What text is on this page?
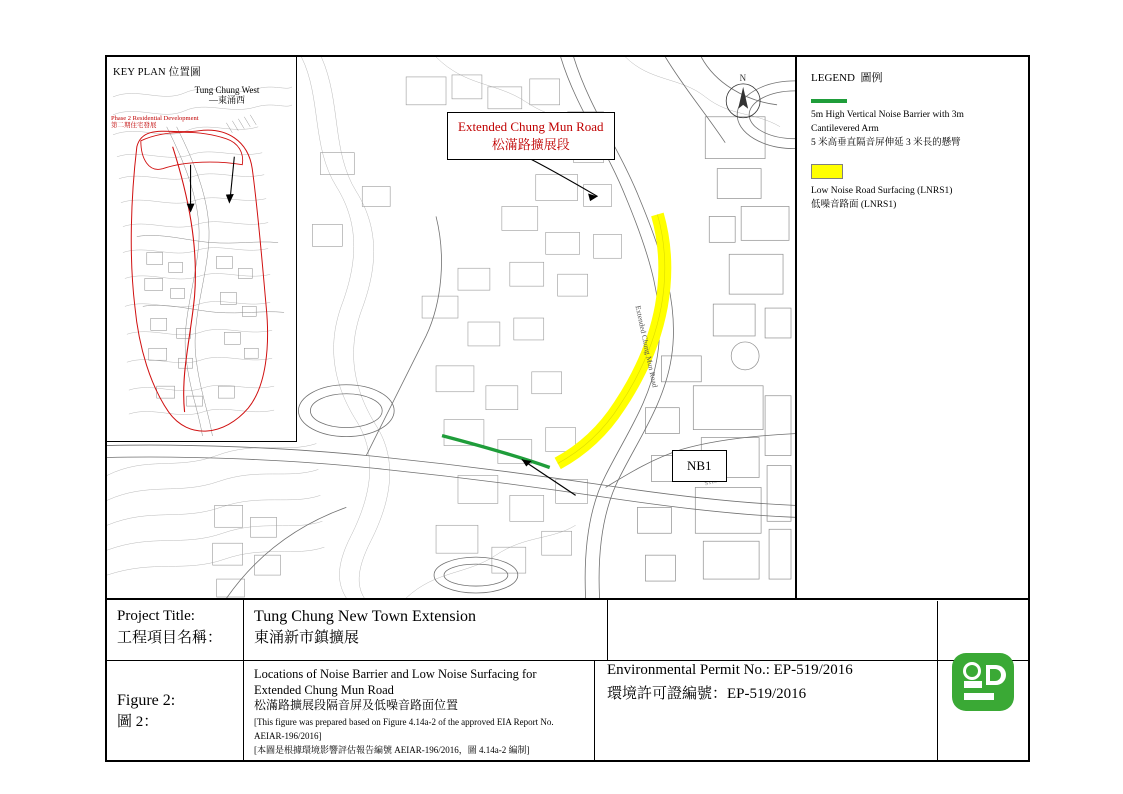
Extended Chung Mun Road
N
KEY PLAN 位置圖
Tung Chung West
—東涌西
Phase 2 Residential Development
第二期住宅發展	Extended Chung Mun Road
松滿路擴展段
NB1
LEGEND 圖例
5m High Vertical Noise Barrier with 3m
Cantilevered Arm
5 米高垂直隔音屏伸延 3 米長的懸臂
Low Noise Road Surfacing (LNRS1)
低噪音路面 (LNRS1)
Project Title:
工程項目名稱：
Tung Chung New Town Extension
東涌新市鎮擴展
Figure 2:
圖 2：
Locations of Noise Barrier and Low Noise Surfacing for
Extended Chung Mun Road
松滿路擴展段隔音屏及低噪音路面位置
[This figure was prepared based on Figure 4.14a-2 of the approved EIA Report No.
AEIAR-196/2016]
[本圖是根據環境影響評估報告編號 AEIAR-196/2016，圖 4.14a-2 編制]
Environmental Permit No.: EP-519/2016
環境許可證編號：EP-519/2016
